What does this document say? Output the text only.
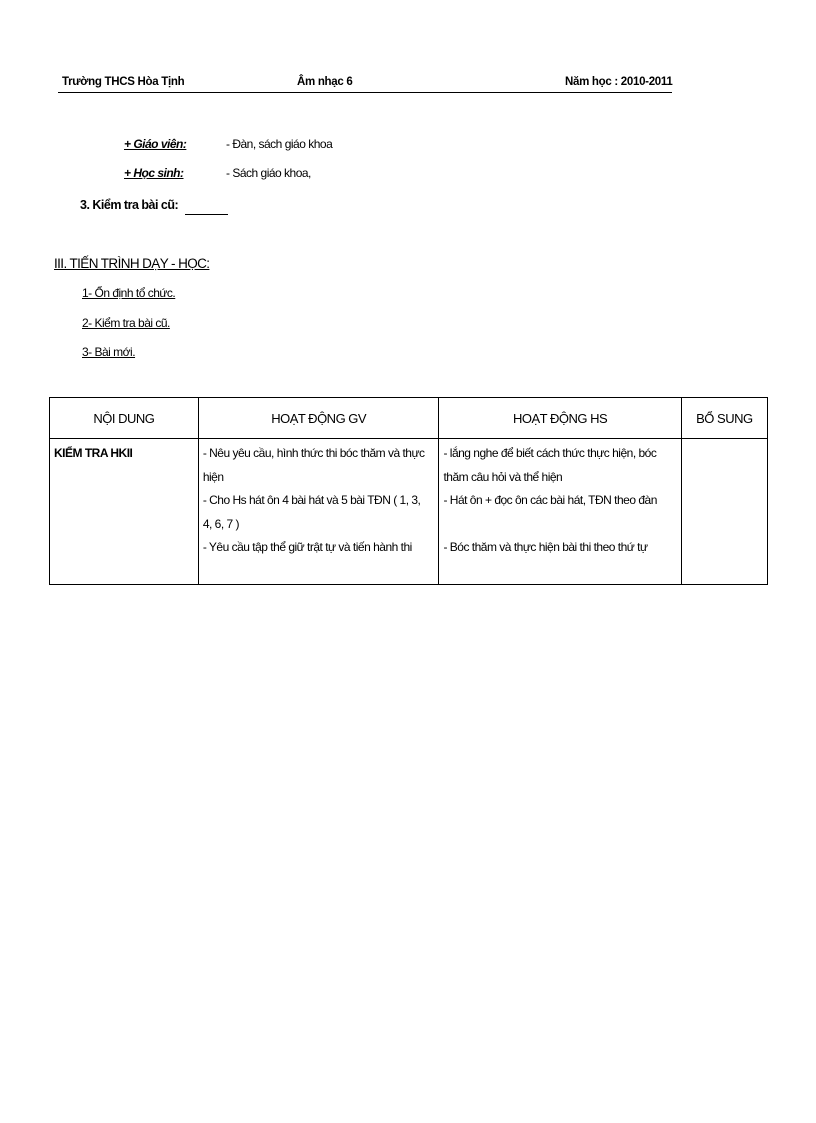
Trường THCS Hòa Tịnh	Âm nhạc 6	Năm học : 2010-2011
+ Giáo viên:	- Đàn, sách giáo khoa
+ Học sinh:	- Sách giáo khoa,
3. Kiểm tra bài cũ:
III. TIẾN TRÌNH DẠY - HỌC:
1- Ổn định tổ chức.
2- Kiểm tra bài cũ.
3- Bài mới.
NỘI DUNG	HOẠT ĐỘNG GV	HOẠT ĐỘNG HS	BỔ SUNG

KIỂM TRA HKII	- Nêu yêu cầu, hình thức thi bóc thăm và thực
hiện
- Cho Hs hát ôn 4 bài hát và 5 bài TĐN ( 1, 3,
4, 6, 7 )
- Yêu cầu tập thể giữ trật tự và tiến hành thi	- lắng nghe để biết cách thức thực hiện, bóc
thăm câu hỏi và thể hiện
- Hát ôn + đọc ôn các bài hát, TĐN theo đàn
- Bóc thăm và thực hiện bài thi theo thứ tự	
